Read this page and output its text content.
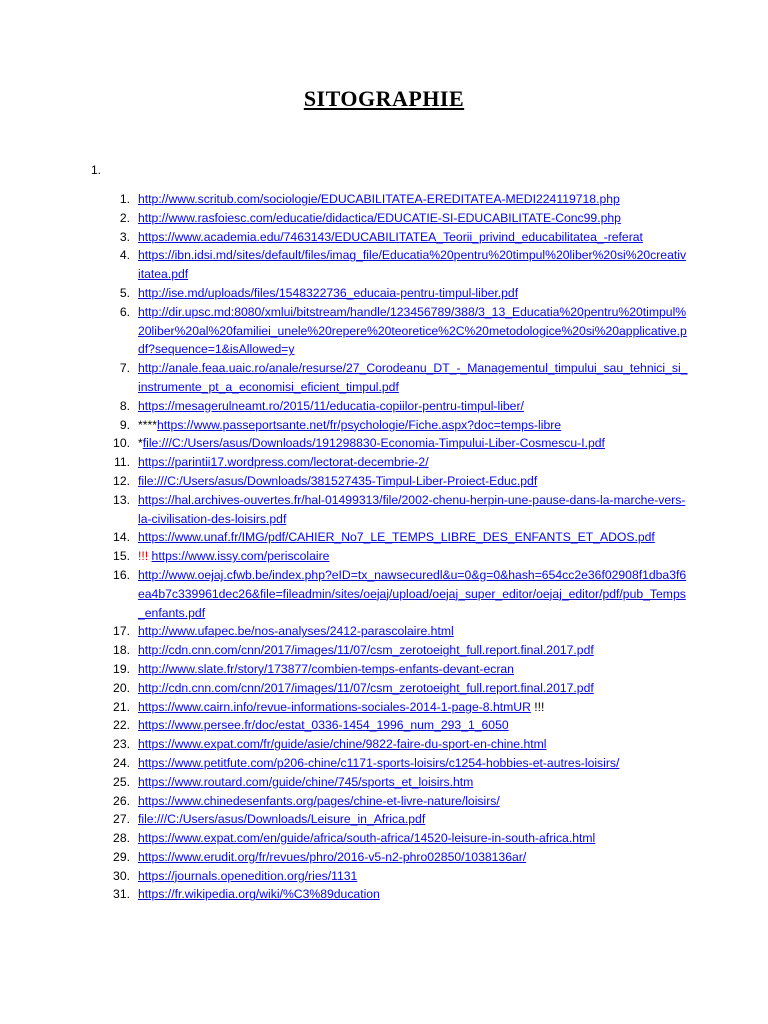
SITOGRAPHIE
1.
1. http://www.scritub.com/sociologie/EDUCABILITATEA-EREDITATEA-MEDI224119718.php
2. http://www.rasfoiesc.com/educatie/didactica/EDUCATIE-SI-EDUCABILITATE-Conc99.php
3. https://www.academia.edu/7463143/EDUCABILITATEA_Teorii_privind_educabilitatea_-referat
4. https://ibn.idsi.md/sites/default/files/imag_file/Educatia%20pentru%20timpul%20liber%20si%20creativitatea.pdf
5. http://ise.md/uploads/files/1548322736_educaia-pentru-timpul-liber.pdf
6. http://dir.upsc.md:8080/xmlui/bitstream/handle/123456789/388/3_13_Educatia%20pentru%20timpul%20liber%20al%20familiei_unele%20repere%20teoretice%2C%20metodologice%20si%20applicative.pdf?sequence=1&isAllowed=y
7. http://anale.feaa.uaic.ro/anale/resurse/27_Corodeanu_DT_-_Managementul_timpului_sau_tehnici_si_instrumente_pt_a_economisi_eficient_timpul.pdf
8. https://mesagerulneamt.ro/2015/11/educatia-copiilor-pentru-timpul-liber/
9. ****https://www.passeportsante.net/fr/psychologie/Fiche.aspx?doc=temps-libre
10. *file:///C:/Users/asus/Downloads/191298830-Economia-Timpului-Liber-Cosmescu-I.pdf
11. https://parintii17.wordpress.com/lectorat-decembrie-2/
12. file:///C:/Users/asus/Downloads/381527435-Timpul-Liber-Proiect-Educ.pdf
13. https://hal.archives-ouvertes.fr/hal-01499313/file/2002-chenu-herpin-une-pause-dans-la-marche-vers-la-civilisation-des-loisirs.pdf
14. https://www.unaf.fr/IMG/pdf/CAHIER_No7_LE_TEMPS_LIBRE_DES_ENFANTS_ET_ADOS.pdf
15. !!! https://www.issy.com/periscolaire
16. http://www.oejaj.cfwb.be/index.php?eID=tx_nawsecuredl&u=0&g=0&hash=654cc2e36f02908f1dba3f6ea4b7c339961dec26&file=fileadmin/sites/oejaj/upload/oejaj_super_editor/oejaj_editor/pdf/pub_Temps_enfants.pdf
17. http://www.ufapec.be/nos-analyses/2412-parascolaire.html
18. http://cdn.cnn.com/cnn/2017/images/11/07/csm_zerotoeight_full.report.final.2017.pdf
19. http://www.slate.fr/story/173877/combien-temps-enfants-devant-ecran
20. http://cdn.cnn.com/cnn/2017/images/11/07/csm_zerotoeight_full.report.final.2017.pdf
21. https://www.cairn.info/revue-informations-sociales-2014-1-page-8.htmUR !!!
22. https://www.persee.fr/doc/estat_0336-1454_1996_num_293_1_6050
23. https://www.expat.com/fr/guide/asie/chine/9822-faire-du-sport-en-chine.html
24. https://www.petitfute.com/p206-chine/c1171-sports-loisirs/c1254-hobbies-et-autres-loisirs/
25. https://www.routard.com/guide/chine/745/sports_et_loisirs.htm
26. https://www.chinedesenfants.org/pages/chine-et-livre-nature/loisirs/
27. file:///C:/Users/asus/Downloads/Leisure_in_Africa.pdf
28. https://www.expat.com/en/guide/africa/south-africa/14520-leisure-in-south-africa.html
29. https://www.erudit.org/fr/revues/phro/2016-v5-n2-phro02850/1038136ar/
30. https://journals.openedition.org/ries/1131
31. https://fr.wikipedia.org/wiki/%C3%89ducation
